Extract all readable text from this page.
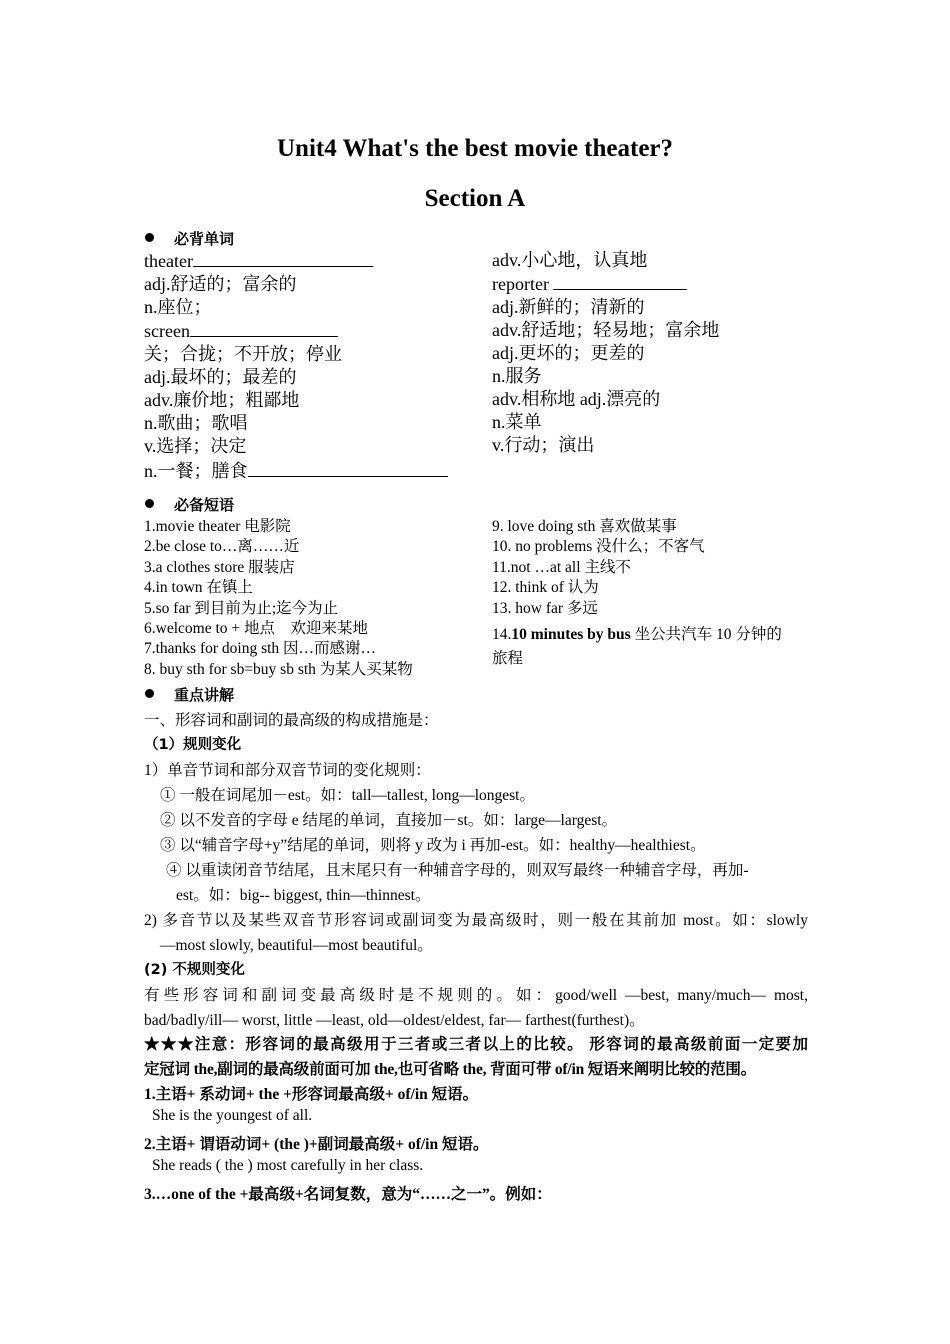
Unit4 What's the best movie theater?
Section A
必背单词
theater
adj.舒适的；富余的
n.座位；
screen
关；合拢；不开放；停业
adj.最坏的；最差的
adv.廉价地；粗鄙地
n.歌曲；歌唱
v.选择；决定
n.一餐；膳食
adv.小心地，认真地
reporter
adj.新鲜的；清新的
adv.舒适地；轻易地；富余地
adj.更坏的；更差的
n.服务
adv.相称地 adj.漂亮的
n.菜单
v.行动；演出
必备短语
1.movie theater 电影院
2.be close to…离……近
3.a clothes store 服装店
4.in town 在镇上
5.so far 到目前为止;迄今为止
6.welcome to + 地点　欢迎来某地
7.thanks for doing sth 因…而感谢…
8. buy sth for sb=buy sb sth 为某人买某物
9. love doing sth 喜欢做某事
10. no problems 没什么；不客气
11.not …at all 主线不
12. think of 认为
13. how far 多远
14.10 minutes by bus 坐公共汽车 10 分钟的
旅程
重点讲解
一、形容词和副词的最高级的构成措施是：
（1）规则变化
1）单音节词和部分双音节词的变化规则：
① 一般在词尾加－est。如：tall—tallest, long—longest。
② 以不发音的字母 e 结尾的单词，直接加－st。如：large—largest。
③ 以“辅音字母+y”结尾的单词，则将 y 改为 i 再加-est。如：healthy—healthiest。
④ 以重读闭音节结尾，且末尾只有一种辅音字母的，则双写最终一种辅音字母，再加-
est。如：big-- biggest, thin—thinnest。
2) 多音节以及某些双音节形容词或副词变为最高级时，则一般在其前加 most。如：slowly
—most slowly, beautiful—most beautiful。
(2) 不规则变化
有些形容词和副词变最高级时是不规则的。如：good/well —best, many/much— most,
bad/badly/ill— worst, little —least, old—oldest/eldest, far— farthest(furthest)。
★★★注意：形容词的最高级用于三者或三者以上的比较。 形容词的最高级前面一定要加
定冠词 the,副词的最高级前面可加 the,也可省略 the, 背面可带 of/in 短语来阐明比较的范围。
1.主语+ 系动词+ the +形容词最高级+ of/in 短语。
She is the youngest of all.
2.主语+ 谓语动词+ (the )+副词最高级+ of/in 短语。
She reads ( the ) most carefully in her class.
3.…one of the +最高级+名词复数，意为“……之一”。例如：
